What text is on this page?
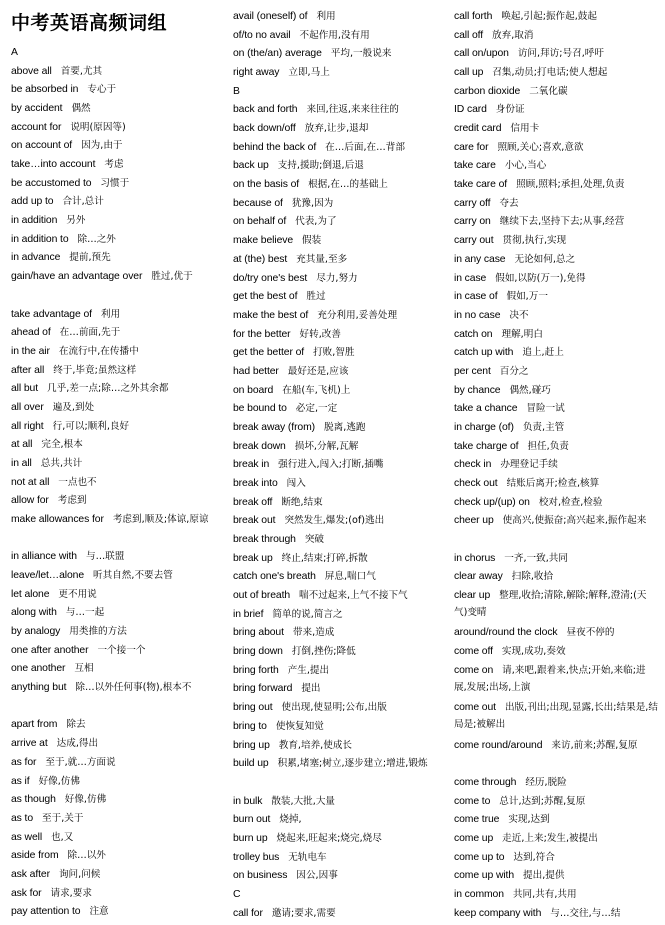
中考英语高频词组
A
above all 首要,尤其
be absorbed in 专心于
by accident 偶然
account for 说明(原因等)
on account of 因为,由于
take…into account 考虑
be accustomed to 习惯于
add up to 合计,总计
in addition 另外
in addition to 除…之外
in advance 提前,预先
gain/have an advantage over 胜过,优于
take advantage of 利用
ahead of 在…前面,先于
in the air 在流行中,在传播中
after all 终于,毕竟;虽然这样
all but 几乎,差一点;除…之外其余都
all over 遍及,到处
all right 行,可以;顺利,良好
at all 完全,根本
in all 总共,共计
not at all 一点也不
allow for 考虑到
make allowances for 考虑到,顺及;体谅,原谅
in alliance with 与…联盟
leave/let…alone 听其自然,不要去管
let alone 更不用说
along with 与…一起
by analogy 用类推的方法
one after another 一个接一个
one another 互相
anything but 除…以外任何事(物),根本不
apart from 除去
arrive at 达成,得出
as for 至于,就…方面说
as if 好像,仿佛
as though 好像,仿佛
as to 至于,关于
as well 也,又
aside from 除…以外
ask after 询问,问候
ask for 请求,要求
pay attention to 注意
avail (oneself) of 利用
of/to no avail 不起作用,没有用
on (the/an) average 平均,一般说来
right away 立即,马上
B
back and forth 来回,往返,来来往往的
back down/off 放弃,让步,退却
behind the back of 在…后面,在…背部
back up 支持,援助;倒退,后退
on the basis of 根据,在…的基础上
because of 犹豫,因为
on behalf of 代表,为了
make believe 假装
at (the) best 充其量,至多
do/try one's best 尽力,努力
get the best of 胜过
make the best of 充分利用,妥善处理
for the better 好转,改善
get the better of 打败,智胜
had better 最好还是,应该
on board 在船(车,飞机)上
be bound to 必定,一定
break away (from) 脱离,逃跑
break down 损坏,分解,瓦解
break in 强行进入,闯入;打断,插嘴
break into 闯入
break off 断绝,结束
break out 突然发生,爆发;(of)逃出
break through 突破
break up 终止,结束;打碎,拆散
catch one's breath 屏息,喘口气
out of breath 喘不过起来,上气不接下气
in brief 简单的说,简言之
bring about 带来,造成
bring down 打倒,挫伤;降低
bring forth 产生,提出
bring forward 提出
bring out 使出现,使显明;公布,出版
bring to 使恢复知觉
bring up 教育,培养,使成长
build up 积累,堵塞;树立,逐步建立;增进,锻炼
in bulk 散装,大批,大量
burn out 烧掉,
burn up 烧起来,旺起来;烧完,烧尽
trolley bus 无轨电车
on business 因公,因事
C
call for 邀请;要求,需要
call forth 唤起,引起;振作起,鼓起
call off 放弃,取消
call on/upon 访问,拜访;号召,呼吁
call up 召集,动员;打电话;使人想起
carbon dioxide 二氧化碳
ID card 身份证
credit card 信用卡
care for 照顾,关心;喜欢,意欲
take care 小心,当心
take care of 照顾,照料;承担,处理,负责
carry off 夺去
carry on 继续下去,坚持下去;从事,经营
carry out 贯彻,执行,实现
in any case 无论如何,总之
in case 假如,以防(万一),免得
in case of 假如,万一
in no case 决不
catch on 理解,明白
catch up with 追上,赶上
per cent 百分之
by chance 偶然,碰巧
take a chance 冒险一试
in charge (of) 负责,主管
take charge of 担任,负责
check in 办理登记手续
check out 结账后离开;检查,核算
check up/(up) on 校对,检查,检验
cheer up 使高兴,使振奋;高兴起来,振作起来
in chorus 一齐,一致,共同
clear away 扫除,收拾
clear up 整理,收拾;清除,解除;解释,澄清;(天气)变晴
around/round the clock 昼夜不停的
come off 实现,成功,奏效
come on 请,来吧,跟着来,快点;开始,来临;进展,发展;出场,上演
come out 出版,刊出;出现,显露,长出;结果是,结局是;被解出
come round/around 来访,前来;苏醒,复原
come through 经历,脱险
come to 总计,达到;苏醒,复原
come true 实现,达到
come up 走近,上来;发生,被提出
come up to 达到,符合
come up with 提出,提供
in common 共同,共有,共用
keep company with 与…交往,与…结
